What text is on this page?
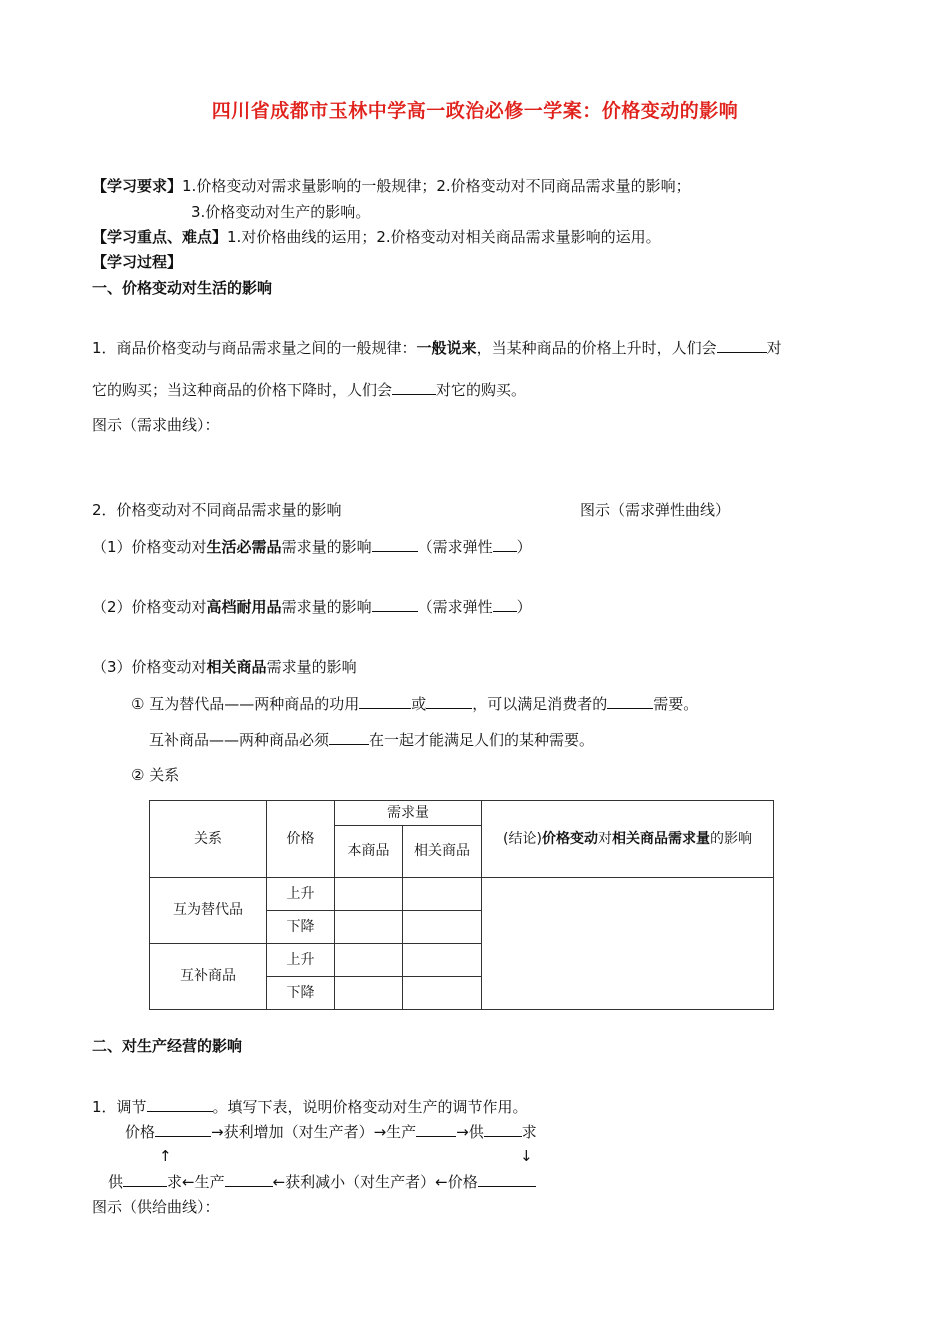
四川省成都市玉林中学高一政治必修一学案：价格变动的影响
【学习要求】1.价格变动对需求量影响的一般规律；2.价格变动对不同商品需求量的影响；
3.价格变动对生产的影响。
【学习重点、难点】1.对价格曲线的运用；2.价格变动对相关商品需求量影响的运用。
【学习过程】
一、价格变动对生活的影响
1．商品价格变动与商品需求量之间的一般规律：一般说来，当某种商品的价格上升时，人们会	对
它的购买；当这种商品的价格下降时，人们会	对它的购买。
图示（需求曲线）：
2．价格变动对不同商品需求量的影响	图示（需求弹性曲线）
（1）价格变动对生活必需品需求量的影响	（需求弹性 ）
（2）价格变动对高档耐用品需求量的影响	（需求弹性 ）
（3）价格变动对相关商品需求量的影响
① 互为替代品——两种商品的功用	或	，可以满足消费者的	需要。
互补商品——两种商品必须	在一起才能满足人们的某种需要。
② 关系
关系	价格	需求量		(结论)价格变动对相关商品需求量的影响
		本商品	相关商品	
互为替代品	上升			
	下降			
互补商品	上升			
	下降			
二、对生产经营的影响
1．调节	。填写下表，说明价格变动对生产的调节作用。
价格	→获利增加（对生产者）→生产	→供	求
↑	↓
供	求←生产	←获利减小（对生产者）←价格
图示（供给曲线）：
